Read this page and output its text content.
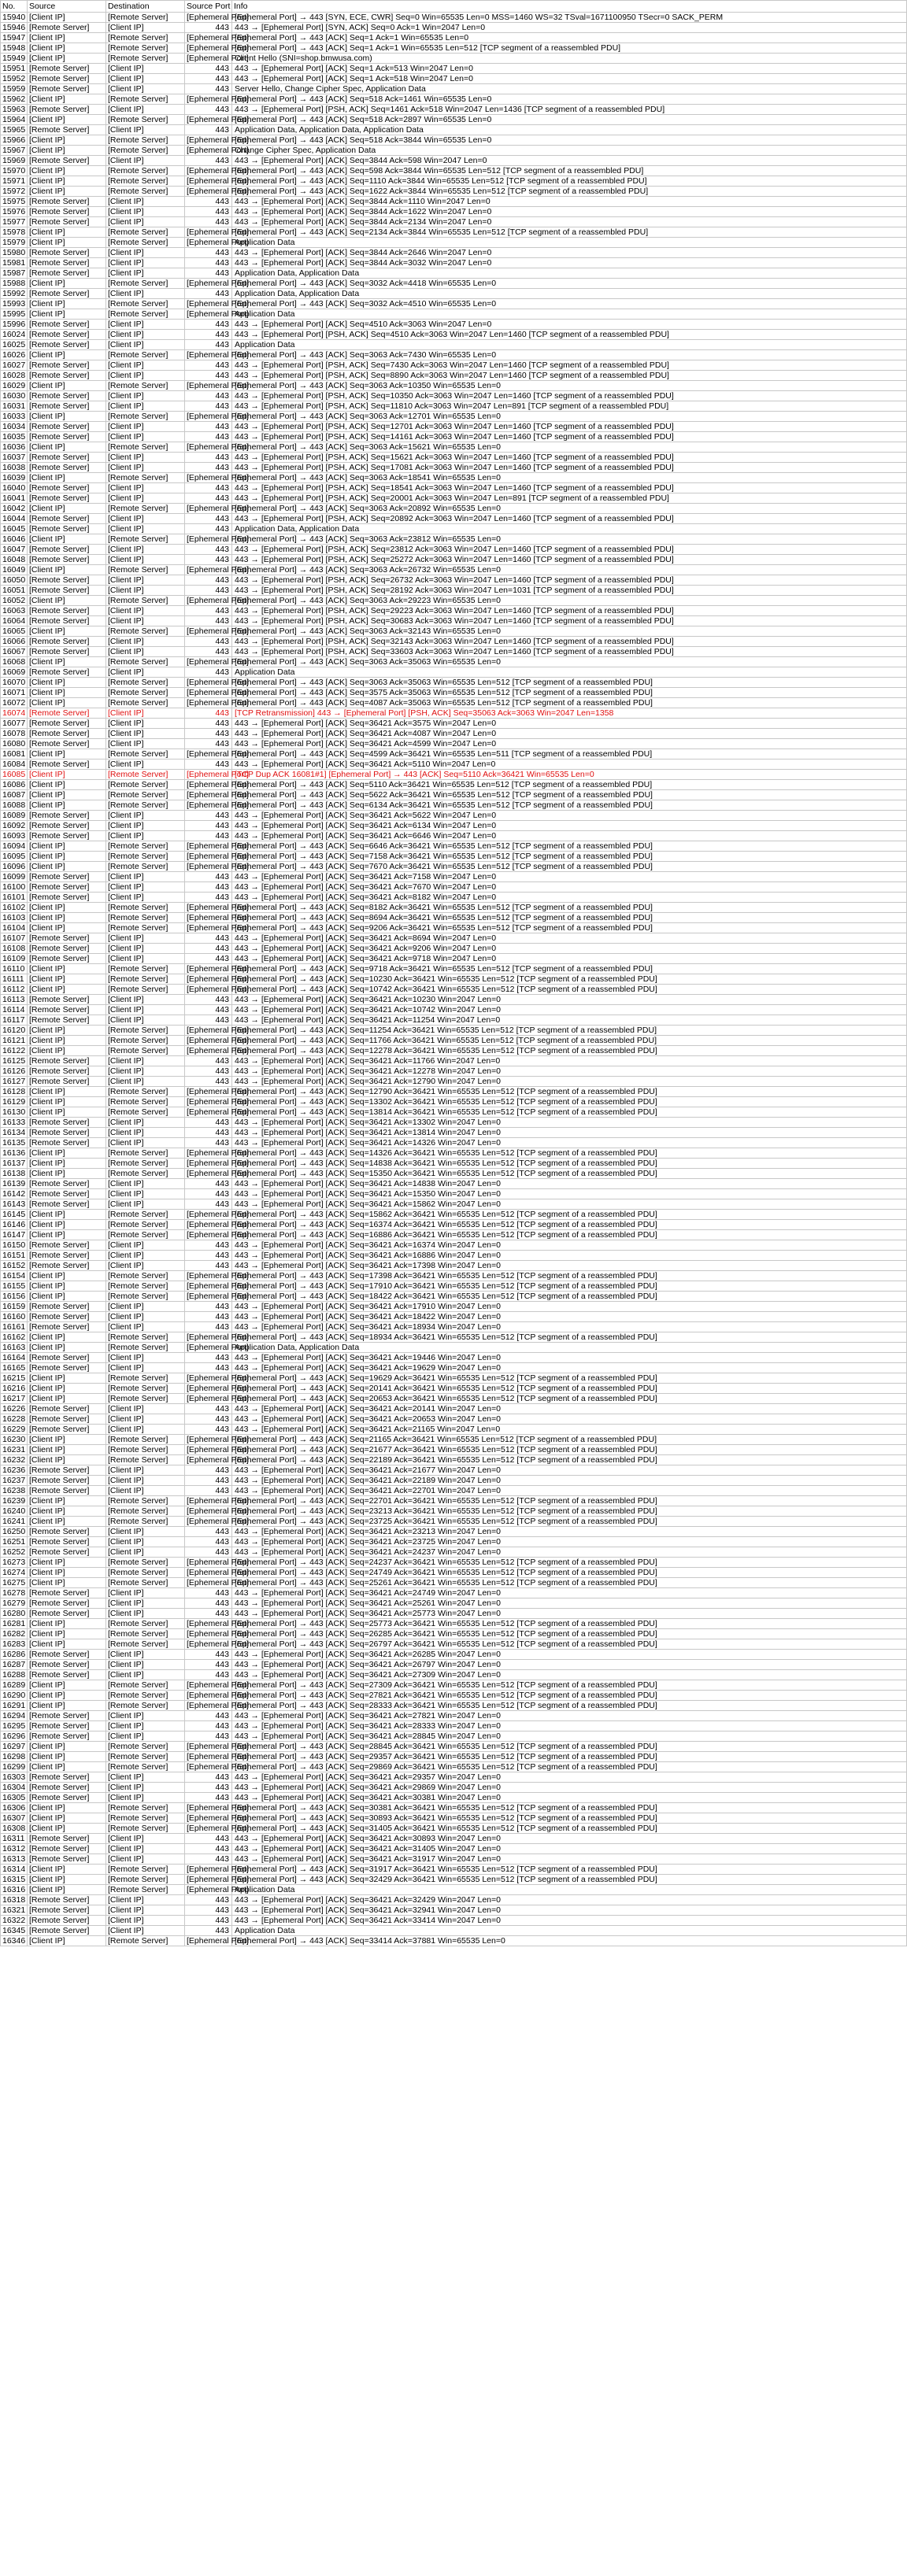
No.	Source	Destination	Source Port	Info
15940	[Client IP]	[Remote Server]	[Ephemeral Port]	[Ephemeral Port] → 443 [SYN, ECE, CWR] Seq=0 Win=65535 Len=0 MSS=1460 WS=32 TSval=1671100950 TSecr=0 SACK_PERM
15946	[Remote Server]	[Client IP]	443	443 → [Ephemeral Port] [SYN, ACK] Seq=0 Ack=1 Win=2047 Len=0
15947	[Client IP]	[Remote Server]	[Ephemeral Port]	[Ephemeral Port] → 443 [ACK] Seq=1 Ack=1 Win=65535 Len=0
15948	[Client IP]	[Remote Server]	[Ephemeral Port]	[Ephemeral Port] → 443 [ACK] Seq=1 Ack=1 Win=65535 Len=512 [TCP segment of a reassembled PDU]
15949	[Client IP]	[Remote Server]	[Ephemeral Port]	Client Hello (SNI=shop.bmwusa.com)
15951	[Remote Server]	[Client IP]	443	443 → [Ephemeral Port] [ACK] Seq=1 Ack=513 Win=2047 Len=0
15952	[Remote Server]	[Client IP]	443	443 → [Ephemeral Port] [ACK] Seq=1 Ack=518 Win=2047 Len=0
15959	[Remote Server]	[Client IP]	443	Server Hello, Change Cipher Spec, Application Data
15962	[Client IP]	[Remote Server]	[Ephemeral Port]	[Ephemeral Port] → 443 [ACK] Seq=518 Ack=1461 Win=65535 Len=0
15963	[Remote Server]	[Client IP]	443	443 → [Ephemeral Port] [PSH, ACK] Seq=1461 Ack=518 Win=2047 Len=1436 [TCP segment of a reassembled PDU]
15964	[Client IP]	[Remote Server]	[Ephemeral Port]	[Ephemeral Port] → 443 [ACK] Seq=518 Ack=2897 Win=65535 Len=0
15965	[Remote Server]	[Client IP]	443	Application Data, Application Data, Application Data
15966	[Client IP]	[Remote Server]	[Ephemeral Port]	[Ephemeral Port] → 443 [ACK] Seq=518 Ack=3844 Win=65535 Len=0
15967	[Client IP]	[Remote Server]	[Ephemeral Port]	Change Cipher Spec, Application Data
15969	[Remote Server]	[Client IP]	443	443 → [Ephemeral Port] [ACK] Seq=3844 Ack=598 Win=2047 Len=0
15970	[Client IP]	[Remote Server]	[Ephemeral Port]	[Ephemeral Port] → 443 [ACK] Seq=598 Ack=3844 Win=65535 Len=512 [TCP segment of a reassembled PDU]
15971	[Client IP]	[Remote Server]	[Ephemeral Port]	[Ephemeral Port] → 443 [ACK] Seq=1110 Ack=3844 Win=65535 Len=512 [TCP segment of a reassembled PDU]
15972	[Client IP]	[Remote Server]	[Ephemeral Port]	[Ephemeral Port] → 443 [ACK] Seq=1622 Ack=3844 Win=65535 Len=512 [TCP segment of a reassembled PDU]
15975	[Remote Server]	[Client IP]	443	443 → [Ephemeral Port] [ACK] Seq=3844 Ack=1110 Win=2047 Len=0
15976	[Remote Server]	[Client IP]	443	443 → [Ephemeral Port] [ACK] Seq=3844 Ack=1622 Win=2047 Len=0
15977	[Remote Server]	[Client IP]	443	443 → [Ephemeral Port] [ACK] Seq=3844 Ack=2134 Win=2047 Len=0
15978	[Client IP]	[Remote Server]	[Ephemeral Port]	[Ephemeral Port] → 443 [ACK] Seq=2134 Ack=3844 Win=65535 Len=512 [TCP segment of a reassembled PDU]
15979	[Client IP]	[Remote Server]	[Ephemeral Port]	Application Data
15980	[Remote Server]	[Client IP]	443	443 → [Ephemeral Port] [ACK] Seq=3844 Ack=2646 Win=2047 Len=0
15981	[Remote Server]	[Client IP]	443	443 → [Ephemeral Port] [ACK] Seq=3844 Ack=3032 Win=2047 Len=0
15987	[Remote Server]	[Client IP]	443	Application Data, Application Data
15988	[Client IP]	[Remote Server]	[Ephemeral Port]	[Ephemeral Port] → 443 [ACK] Seq=3032 Ack=4418 Win=65535 Len=0
15992	[Remote Server]	[Client IP]	443	Application Data, Application Data
15993	[Client IP]	[Remote Server]	[Ephemeral Port]	[Ephemeral Port] → 443 [ACK] Seq=3032 Ack=4510 Win=65535 Len=0
15995	[Client IP]	[Remote Server]	[Ephemeral Port]	Application Data
15996	[Remote Server]	[Client IP]	443	443 → [Ephemeral Port] [ACK] Seq=4510 Ack=3063 Win=2047 Len=0
16024	[Remote Server]	[Client IP]	443	443 → [Ephemeral Port] [PSH, ACK] Seq=4510 Ack=3063 Win=2047 Len=1460 [TCP segment of a reassembled PDU]
16025	[Remote Server]	[Client IP]	443	Application Data
16026	[Client IP]	[Remote Server]	[Ephemeral Port]	[Ephemeral Port] → 443 [ACK] Seq=3063 Ack=7430 Win=65535 Len=0
16027	[Remote Server]	[Client IP]	443	443 → [Ephemeral Port] [PSH, ACK] Seq=7430 Ack=3063 Win=2047 Len=1460 [TCP segment of a reassembled PDU]
16028	[Remote Server]	[Client IP]	443	443 → [Ephemeral Port] [PSH, ACK] Seq=8890 Ack=3063 Win=2047 Len=1460 [TCP segment of a reassembled PDU]
16029	[Client IP]	[Remote Server]	[Ephemeral Port]	[Ephemeral Port] → 443 [ACK] Seq=3063 Ack=10350 Win=65535 Len=0
16030	[Remote Server]	[Client IP]	443	443 → [Ephemeral Port] [PSH, ACK] Seq=10350 Ack=3063 Win=2047 Len=1460 [TCP segment of a reassembled PDU]
16031	[Remote Server]	[Client IP]	443	443 → [Ephemeral Port] [PSH, ACK] Seq=11810 Ack=3063 Win=2047 Len=891 [TCP segment of a reassembled PDU]
16033	[Client IP]	[Remote Server]	[Ephemeral Port]	[Ephemeral Port] → 443 [ACK] Seq=3063 Ack=12701 Win=65535 Len=0
16034	[Remote Server]	[Client IP]	443	443 → [Ephemeral Port] [PSH, ACK] Seq=12701 Ack=3063 Win=2047 Len=1460 [TCP segment of a reassembled PDU]
16035	[Remote Server]	[Client IP]	443	443 → [Ephemeral Port] [PSH, ACK] Seq=14161 Ack=3063 Win=2047 Len=1460 [TCP segment of a reassembled PDU]
16036	[Client IP]	[Remote Server]	[Ephemeral Port]	[Ephemeral Port] → 443 [ACK] Seq=3063 Ack=15621 Win=65535 Len=0
16037	[Remote Server]	[Client IP]	443	443 → [Ephemeral Port] [PSH, ACK] Seq=15621 Ack=3063 Win=2047 Len=1460 [TCP segment of a reassembled PDU]
16038	[Remote Server]	[Client IP]	443	443 → [Ephemeral Port] [PSH, ACK] Seq=17081 Ack=3063 Win=2047 Len=1460 [TCP segment of a reassembled PDU]
16039	[Client IP]	[Remote Server]	[Ephemeral Port]	[Ephemeral Port] → 443 [ACK] Seq=3063 Ack=18541 Win=65535 Len=0
16040	[Remote Server]	[Client IP]	443	443 → [Ephemeral Port] [PSH, ACK] Seq=18541 Ack=3063 Win=2047 Len=1460 [TCP segment of a reassembled PDU]
16041	[Remote Server]	[Client IP]	443	443 → [Ephemeral Port] [PSH, ACK] Seq=20001 Ack=3063 Win=2047 Len=891 [TCP segment of a reassembled PDU]
16042	[Client IP]	[Remote Server]	[Ephemeral Port]	[Ephemeral Port] → 443 [ACK] Seq=3063 Ack=20892 Win=65535 Len=0
16044	[Remote Server]	[Client IP]	443	443 → [Ephemeral Port] [PSH, ACK] Seq=20892 Ack=3063 Win=2047 Len=1460 [TCP segment of a reassembled PDU]
16045	[Remote Server]	[Client IP]	443	Application Data, Application Data
16046	[Client IP]	[Remote Server]	[Ephemeral Port]	[Ephemeral Port] → 443 [ACK] Seq=3063 Ack=23812 Win=65535 Len=0
16047	[Remote Server]	[Client IP]	443	443 → [Ephemeral Port] [PSH, ACK] Seq=23812 Ack=3063 Win=2047 Len=1460 [TCP segment of a reassembled PDU]
16048	[Remote Server]	[Client IP]	443	443 → [Ephemeral Port] [PSH, ACK] Seq=25272 Ack=3063 Win=2047 Len=1460 [TCP segment of a reassembled PDU]
16049	[Client IP]	[Remote Server]	[Ephemeral Port]	[Ephemeral Port] → 443 [ACK] Seq=3063 Ack=26732 Win=65535 Len=0
16050	[Remote Server]	[Client IP]	443	443 → [Ephemeral Port] [PSH, ACK] Seq=26732 Ack=3063 Win=2047 Len=1460 [TCP segment of a reassembled PDU]
16051	[Remote Server]	[Client IP]	443	443 → [Ephemeral Port] [PSH, ACK] Seq=28192 Ack=3063 Win=2047 Len=1031 [TCP segment of a reassembled PDU]
16052	[Client IP]	[Remote Server]	[Ephemeral Port]	[Ephemeral Port] → 443 [ACK] Seq=3063 Ack=29223 Win=65535 Len=0
16063	[Remote Server]	[Client IP]	443	443 → [Ephemeral Port] [PSH, ACK] Seq=29223 Ack=3063 Win=2047 Len=1460 [TCP segment of a reassembled PDU]
16064	[Remote Server]	[Client IP]	443	443 → [Ephemeral Port] [PSH, ACK] Seq=30683 Ack=3063 Win=2047 Len=1460 [TCP segment of a reassembled PDU]
16065	[Client IP]	[Remote Server]	[Ephemeral Port]	[Ephemeral Port] → 443 [ACK] Seq=3063 Ack=32143 Win=65535 Len=0
16066	[Remote Server]	[Client IP]	443	443 → [Ephemeral Port] [PSH, ACK] Seq=32143 Ack=3063 Win=2047 Len=1460 [TCP segment of a reassembled PDU]
16067	[Remote Server]	[Client IP]	443	443 → [Ephemeral Port] [PSH, ACK] Seq=33603 Ack=3063 Win=2047 Len=1460 [TCP segment of a reassembled PDU]
16068	[Client IP]	[Remote Server]	[Ephemeral Port]	[Ephemeral Port] → 443 [ACK] Seq=3063 Ack=35063 Win=65535 Len=0
16069	[Remote Server]	[Client IP]	443	Application Data
16070	[Client IP]	[Remote Server]	[Ephemeral Port]	[Ephemeral Port] → 443 [ACK] Seq=3063 Ack=35063 Win=65535 Len=512 [TCP segment of a reassembled PDU]
16071	[Client IP]	[Remote Server]	[Ephemeral Port]	[Ephemeral Port] → 443 [ACK] Seq=3575 Ack=35063 Win=65535 Len=512 [TCP segment of a reassembled PDU]
16072	[Client IP]	[Remote Server]	[Ephemeral Port]	[Ephemeral Port] → 443 [ACK] Seq=4087 Ack=35063 Win=65535 Len=512 [TCP segment of a reassembled PDU]
16074	[Remote Server]	[Client IP]	443	[TCP Retransmission] 443 → [Ephemeral Port] [PSH, ACK] Seq=35063 Ack=3063 Win=2047 Len=1358
16077	[Remote Server]	[Client IP]	443	443 → [Ephemeral Port] [ACK] Seq=36421 Ack=3575 Win=2047 Len=0
16078	[Remote Server]	[Client IP]	443	443 → [Ephemeral Port] [ACK] Seq=36421 Ack=4087 Win=2047 Len=0
16080	[Remote Server]	[Client IP]	443	443 → [Ephemeral Port] [ACK] Seq=36421 Ack=4599 Win=2047 Len=0
16081	[Client IP]	[Remote Server]	[Ephemeral Port]	[Ephemeral Port] → 443 [ACK] Seq=4599 Ack=36421 Win=65535 Len=511 [TCP segment of a reassembled PDU]
16084	[Remote Server]	[Client IP]	443	443 → [Ephemeral Port] [ACK] Seq=36421 Ack=5110 Win=2047 Len=0
16085	[Client IP]	[Remote Server]	[Ephemeral Port]	[TCP Dup ACK 16081#1] [Ephemeral Port] → 443 [ACK] Seq=5110 Ack=36421 Win=65535 Len=0
16086	[Client IP]	[Remote Server]	[Ephemeral Port]	[Ephemeral Port] → 443 [ACK] Seq=5110 Ack=36421 Win=65535 Len=512 [TCP segment of a reassembled PDU]
16087	[Client IP]	[Remote Server]	[Ephemeral Port]	[Ephemeral Port] → 443 [ACK] Seq=5622 Ack=36421 Win=65535 Len=512 [TCP segment of a reassembled PDU]
16088	[Client IP]	[Remote Server]	[Ephemeral Port]	[Ephemeral Port] → 443 [ACK] Seq=6134 Ack=36421 Win=65535 Len=512 [TCP segment of a reassembled PDU]
16089	[Remote Server]	[Client IP]	443	443 → [Ephemeral Port] [ACK] Seq=36421 Ack=5622 Win=2047 Len=0
16092	[Remote Server]	[Client IP]	443	443 → [Ephemeral Port] [ACK] Seq=36421 Ack=6134 Win=2047 Len=0
16093	[Remote Server]	[Client IP]	443	443 → [Ephemeral Port] [ACK] Seq=36421 Ack=6646 Win=2047 Len=0
16094	[Client IP]	[Remote Server]	[Ephemeral Port]	[Ephemeral Port] → 443 [ACK] Seq=6646 Ack=36421 Win=65535 Len=512 [TCP segment of a reassembled PDU]
16095	[Client IP]	[Remote Server]	[Ephemeral Port]	[Ephemeral Port] → 443 [ACK] Seq=7158 Ack=36421 Win=65535 Len=512 [TCP segment of a reassembled PDU]
16096	[Client IP]	[Remote Server]	[Ephemeral Port]	[Ephemeral Port] → 443 [ACK] Seq=7670 Ack=36421 Win=65535 Len=512 [TCP segment of a reassembled PDU]
16099	[Remote Server]	[Client IP]	443	443 → [Ephemeral Port] [ACK] Seq=36421 Ack=7158 Win=2047 Len=0
16100	[Remote Server]	[Client IP]	443	443 → [Ephemeral Port] [ACK] Seq=36421 Ack=7670 Win=2047 Len=0
16101	[Remote Server]	[Client IP]	443	443 → [Ephemeral Port] [ACK] Seq=36421 Ack=8182 Win=2047 Len=0
16102	[Client IP]	[Remote Server]	[Ephemeral Port]	[Ephemeral Port] → 443 [ACK] Seq=8182 Ack=36421 Win=65535 Len=512 [TCP segment of a reassembled PDU]
16103	[Client IP]	[Remote Server]	[Ephemeral Port]	[Ephemeral Port] → 443 [ACK] Seq=8694 Ack=36421 Win=65535 Len=512 [TCP segment of a reassembled PDU]
16104	[Client IP]	[Remote Server]	[Ephemeral Port]	[Ephemeral Port] → 443 [ACK] Seq=9206 Ack=36421 Win=65535 Len=512 [TCP segment of a reassembled PDU]
16107	[Remote Server]	[Client IP]	443	443 → [Ephemeral Port] [ACK] Seq=36421 Ack=8694 Win=2047 Len=0
16108	[Remote Server]	[Client IP]	443	443 → [Ephemeral Port] [ACK] Seq=36421 Ack=9206 Win=2047 Len=0
16109	[Remote Server]	[Client IP]	443	443 → [Ephemeral Port] [ACK] Seq=36421 Ack=9718 Win=2047 Len=0
16110	[Client IP]	[Remote Server]	[Ephemeral Port]	[Ephemeral Port] → 443 [ACK] Seq=9718 Ack=36421 Win=65535 Len=512 [TCP segment of a reassembled PDU]
16111	[Client IP]	[Remote Server]	[Ephemeral Port]	[Ephemeral Port] → 443 [ACK] Seq=10230 Ack=36421 Win=65535 Len=512 [TCP segment of a reassembled PDU]
16112	[Client IP]	[Remote Server]	[Ephemeral Port]	[Ephemeral Port] → 443 [ACK] Seq=10742 Ack=36421 Win=65535 Len=512 [TCP segment of a reassembled PDU]
16113	[Remote Server]	[Client IP]	443	443 → [Ephemeral Port] [ACK] Seq=36421 Ack=10230 Win=2047 Len=0
16114	[Remote Server]	[Client IP]	443	443 → [Ephemeral Port] [ACK] Seq=36421 Ack=10742 Win=2047 Len=0
16117	[Remote Server]	[Client IP]	443	443 → [Ephemeral Port] [ACK] Seq=36421 Ack=11254 Win=2047 Len=0
16120	[Client IP]	[Remote Server]	[Ephemeral Port]	[Ephemeral Port] → 443 [ACK] Seq=11254 Ack=36421 Win=65535 Len=512 [TCP segment of a reassembled PDU]
16121	[Client IP]	[Remote Server]	[Ephemeral Port]	[Ephemeral Port] → 443 [ACK] Seq=11766 Ack=36421 Win=65535 Len=512 [TCP segment of a reassembled PDU]
16122	[Client IP]	[Remote Server]	[Ephemeral Port]	[Ephemeral Port] → 443 [ACK] Seq=12278 Ack=36421 Win=65535 Len=512 [TCP segment of a reassembled PDU]
16125	[Remote Server]	[Client IP]	443	443 → [Ephemeral Port] [ACK] Seq=36421 Ack=11766 Win=2047 Len=0
16126	[Remote Server]	[Client IP]	443	443 → [Ephemeral Port] [ACK] Seq=36421 Ack=12278 Win=2047 Len=0
16127	[Remote Server]	[Client IP]	443	443 → [Ephemeral Port] [ACK] Seq=36421 Ack=12790 Win=2047 Len=0
16128	[Client IP]	[Remote Server]	[Ephemeral Port]	[Ephemeral Port] → 443 [ACK] Seq=12790 Ack=36421 Win=65535 Len=512 [TCP segment of a reassembled PDU]
16129	[Client IP]	[Remote Server]	[Ephemeral Port]	[Ephemeral Port] → 443 [ACK] Seq=13302 Ack=36421 Win=65535 Len=512 [TCP segment of a reassembled PDU]
16130	[Client IP]	[Remote Server]	[Ephemeral Port]	[Ephemeral Port] → 443 [ACK] Seq=13814 Ack=36421 Win=65535 Len=512 [TCP segment of a reassembled PDU]
16133	[Remote Server]	[Client IP]	443	443 → [Ephemeral Port] [ACK] Seq=36421 Ack=13302 Win=2047 Len=0
16134	[Remote Server]	[Client IP]	443	443 → [Ephemeral Port] [ACK] Seq=36421 Ack=13814 Win=2047 Len=0
16135	[Remote Server]	[Client IP]	443	443 → [Ephemeral Port] [ACK] Seq=36421 Ack=14326 Win=2047 Len=0
16136	[Client IP]	[Remote Server]	[Ephemeral Port]	[Ephemeral Port] → 443 [ACK] Seq=14326 Ack=36421 Win=65535 Len=512 [TCP segment of a reassembled PDU]
16137	[Client IP]	[Remote Server]	[Ephemeral Port]	[Ephemeral Port] → 443 [ACK] Seq=14838 Ack=36421 Win=65535 Len=512 [TCP segment of a reassembled PDU]
16138	[Client IP]	[Remote Server]	[Ephemeral Port]	[Ephemeral Port] → 443 [ACK] Seq=15350 Ack=36421 Win=65535 Len=512 [TCP segment of a reassembled PDU]
16139	[Remote Server]	[Client IP]	443	443 → [Ephemeral Port] [ACK] Seq=36421 Ack=14838 Win=2047 Len=0
16142	[Remote Server]	[Client IP]	443	443 → [Ephemeral Port] [ACK] Seq=36421 Ack=15350 Win=2047 Len=0
16143	[Remote Server]	[Client IP]	443	443 → [Ephemeral Port] [ACK] Seq=36421 Ack=15862 Win=2047 Len=0
16145	[Client IP]	[Remote Server]	[Ephemeral Port]	[Ephemeral Port] → 443 [ACK] Seq=15862 Ack=36421 Win=65535 Len=512 [TCP segment of a reassembled PDU]
16146	[Client IP]	[Remote Server]	[Ephemeral Port]	[Ephemeral Port] → 443 [ACK] Seq=16374 Ack=36421 Win=65535 Len=512 [TCP segment of a reassembled PDU]
16147	[Client IP]	[Remote Server]	[Ephemeral Port]	[Ephemeral Port] → 443 [ACK] Seq=16886 Ack=36421 Win=65535 Len=512 [TCP segment of a reassembled PDU]
16150	[Remote Server]	[Client IP]	443	443 → [Ephemeral Port] [ACK] Seq=36421 Ack=16374 Win=2047 Len=0
16151	[Remote Server]	[Client IP]	443	443 → [Ephemeral Port] [ACK] Seq=36421 Ack=16886 Win=2047 Len=0
16152	[Remote Server]	[Client IP]	443	443 → [Ephemeral Port] [ACK] Seq=36421 Ack=17398 Win=2047 Len=0
16154	[Client IP]	[Remote Server]	[Ephemeral Port]	[Ephemeral Port] → 443 [ACK] Seq=17398 Ack=36421 Win=65535 Len=512 [TCP segment of a reassembled PDU]
16155	[Client IP]	[Remote Server]	[Ephemeral Port]	[Ephemeral Port] → 443 [ACK] Seq=17910 Ack=36421 Win=65535 Len=512 [TCP segment of a reassembled PDU]
16156	[Client IP]	[Remote Server]	[Ephemeral Port]	[Ephemeral Port] → 443 [ACK] Seq=18422 Ack=36421 Win=65535 Len=512 [TCP segment of a reassembled PDU]
16159	[Remote Server]	[Client IP]	443	443 → [Ephemeral Port] [ACK] Seq=36421 Ack=17910 Win=2047 Len=0
16160	[Remote Server]	[Client IP]	443	443 → [Ephemeral Port] [ACK] Seq=36421 Ack=18422 Win=2047 Len=0
16161	[Remote Server]	[Client IP]	443	443 → [Ephemeral Port] [ACK] Seq=36421 Ack=18934 Win=2047 Len=0
16162	[Client IP]	[Remote Server]	[Ephemeral Port]	[Ephemeral Port] → 443 [ACK] Seq=18934 Ack=36421 Win=65535 Len=512 [TCP segment of a reassembled PDU]
16163	[Client IP]	[Remote Server]	[Ephemeral Port]	Application Data, Application Data
16164	[Remote Server]	[Client IP]	443	443 → [Ephemeral Port] [ACK] Seq=36421 Ack=19446 Win=2047 Len=0
16165	[Remote Server]	[Client IP]	443	443 → [Ephemeral Port] [ACK] Seq=36421 Ack=19629 Win=2047 Len=0
16215	[Client IP]	[Remote Server]	[Ephemeral Port]	[Ephemeral Port] → 443 [ACK] Seq=19629 Ack=36421 Win=65535 Len=512 [TCP segment of a reassembled PDU]
16216	[Client IP]	[Remote Server]	[Ephemeral Port]	[Ephemeral Port] → 443 [ACK] Seq=20141 Ack=36421 Win=65535 Len=512 [TCP segment of a reassembled PDU]
16217	[Client IP]	[Remote Server]	[Ephemeral Port]	[Ephemeral Port] → 443 [ACK] Seq=20653 Ack=36421 Win=65535 Len=512 [TCP segment of a reassembled PDU]
16226	[Remote Server]	[Client IP]	443	443 → [Ephemeral Port] [ACK] Seq=36421 Ack=20141 Win=2047 Len=0
16228	[Remote Server]	[Client IP]	443	443 → [Ephemeral Port] [ACK] Seq=36421 Ack=20653 Win=2047 Len=0
16229	[Remote Server]	[Client IP]	443	443 → [Ephemeral Port] [ACK] Seq=36421 Ack=21165 Win=2047 Len=0
16230	[Client IP]	[Remote Server]	[Ephemeral Port]	[Ephemeral Port] → 443 [ACK] Seq=21165 Ack=36421 Win=65535 Len=512 [TCP segment of a reassembled PDU]
16231	[Client IP]	[Remote Server]	[Ephemeral Port]	[Ephemeral Port] → 443 [ACK] Seq=21677 Ack=36421 Win=65535 Len=512 [TCP segment of a reassembled PDU]
16232	[Client IP]	[Remote Server]	[Ephemeral Port]	[Ephemeral Port] → 443 [ACK] Seq=22189 Ack=36421 Win=65535 Len=512 [TCP segment of a reassembled PDU]
16236	[Remote Server]	[Client IP]	443	443 → [Ephemeral Port] [ACK] Seq=36421 Ack=21677 Win=2047 Len=0
16237	[Remote Server]	[Client IP]	443	443 → [Ephemeral Port] [ACK] Seq=36421 Ack=22189 Win=2047 Len=0
16238	[Remote Server]	[Client IP]	443	443 → [Ephemeral Port] [ACK] Seq=36421 Ack=22701 Win=2047 Len=0
16239	[Client IP]	[Remote Server]	[Ephemeral Port]	[Ephemeral Port] → 443 [ACK] Seq=22701 Ack=36421 Win=65535 Len=512 [TCP segment of a reassembled PDU]
16240	[Client IP]	[Remote Server]	[Ephemeral Port]	[Ephemeral Port] → 443 [ACK] Seq=23213 Ack=36421 Win=65535 Len=512 [TCP segment of a reassembled PDU]
16241	[Client IP]	[Remote Server]	[Ephemeral Port]	[Ephemeral Port] → 443 [ACK] Seq=23725 Ack=36421 Win=65535 Len=512 [TCP segment of a reassembled PDU]
16250	[Remote Server]	[Client IP]	443	443 → [Ephemeral Port] [ACK] Seq=36421 Ack=23213 Win=2047 Len=0
16251	[Remote Server]	[Client IP]	443	443 → [Ephemeral Port] [ACK] Seq=36421 Ack=23725 Win=2047 Len=0
16252	[Remote Server]	[Client IP]	443	443 → [Ephemeral Port] [ACK] Seq=36421 Ack=24237 Win=2047 Len=0
16273	[Client IP]	[Remote Server]	[Ephemeral Port]	[Ephemeral Port] → 443 [ACK] Seq=24237 Ack=36421 Win=65535 Len=512 [TCP segment of a reassembled PDU]
16274	[Client IP]	[Remote Server]	[Ephemeral Port]	[Ephemeral Port] → 443 [ACK] Seq=24749 Ack=36421 Win=65535 Len=512 [TCP segment of a reassembled PDU]
16275	[Client IP]	[Remote Server]	[Ephemeral Port]	[Ephemeral Port] → 443 [ACK] Seq=25261 Ack=36421 Win=65535 Len=512 [TCP segment of a reassembled PDU]
16278	[Remote Server]	[Client IP]	443	443 → [Ephemeral Port] [ACK] Seq=36421 Ack=24749 Win=2047 Len=0
16279	[Remote Server]	[Client IP]	443	443 → [Ephemeral Port] [ACK] Seq=36421 Ack=25261 Win=2047 Len=0
16280	[Remote Server]	[Client IP]	443	443 → [Ephemeral Port] [ACK] Seq=36421 Ack=25773 Win=2047 Len=0
16281	[Client IP]	[Remote Server]	[Ephemeral Port]	[Ephemeral Port] → 443 [ACK] Seq=25773 Ack=36421 Win=65535 Len=512 [TCP segment of a reassembled PDU]
16282	[Client IP]	[Remote Server]	[Ephemeral Port]	[Ephemeral Port] → 443 [ACK] Seq=26285 Ack=36421 Win=65535 Len=512 [TCP segment of a reassembled PDU]
16283	[Client IP]	[Remote Server]	[Ephemeral Port]	[Ephemeral Port] → 443 [ACK] Seq=26797 Ack=36421 Win=65535 Len=512 [TCP segment of a reassembled PDU]
16286	[Remote Server]	[Client IP]	443	443 → [Ephemeral Port] [ACK] Seq=36421 Ack=26285 Win=2047 Len=0
16287	[Remote Server]	[Client IP]	443	443 → [Ephemeral Port] [ACK] Seq=36421 Ack=26797 Win=2047 Len=0
16288	[Remote Server]	[Client IP]	443	443 → [Ephemeral Port] [ACK] Seq=36421 Ack=27309 Win=2047 Len=0
16289	[Client IP]	[Remote Server]	[Ephemeral Port]	[Ephemeral Port] → 443 [ACK] Seq=27309 Ack=36421 Win=65535 Len=512 [TCP segment of a reassembled PDU]
16290	[Client IP]	[Remote Server]	[Ephemeral Port]	[Ephemeral Port] → 443 [ACK] Seq=27821 Ack=36421 Win=65535 Len=512 [TCP segment of a reassembled PDU]
16291	[Client IP]	[Remote Server]	[Ephemeral Port]	[Ephemeral Port] → 443 [ACK] Seq=28333 Ack=36421 Win=65535 Len=512 [TCP segment of a reassembled PDU]
16294	[Remote Server]	[Client IP]	443	443 → [Ephemeral Port] [ACK] Seq=36421 Ack=27821 Win=2047 Len=0
16295	[Remote Server]	[Client IP]	443	443 → [Ephemeral Port] [ACK] Seq=36421 Ack=28333 Win=2047 Len=0
16296	[Remote Server]	[Client IP]	443	443 → [Ephemeral Port] [ACK] Seq=36421 Ack=28845 Win=2047 Len=0
16297	[Client IP]	[Remote Server]	[Ephemeral Port]	[Ephemeral Port] → 443 [ACK] Seq=28845 Ack=36421 Win=65535 Len=512 [TCP segment of a reassembled PDU]
16298	[Client IP]	[Remote Server]	[Ephemeral Port]	[Ephemeral Port] → 443 [ACK] Seq=29357 Ack=36421 Win=65535 Len=512 [TCP segment of a reassembled PDU]
16299	[Client IP]	[Remote Server]	[Ephemeral Port]	[Ephemeral Port] → 443 [ACK] Seq=29869 Ack=36421 Win=65535 Len=512 [TCP segment of a reassembled PDU]
16303	[Remote Server]	[Client IP]	443	443 → [Ephemeral Port] [ACK] Seq=36421 Ack=29357 Win=2047 Len=0
16304	[Remote Server]	[Client IP]	443	443 → [Ephemeral Port] [ACK] Seq=36421 Ack=29869 Win=2047 Len=0
16305	[Remote Server]	[Client IP]	443	443 → [Ephemeral Port] [ACK] Seq=36421 Ack=30381 Win=2047 Len=0
16306	[Client IP]	[Remote Server]	[Ephemeral Port]	[Ephemeral Port] → 443 [ACK] Seq=30381 Ack=36421 Win=65535 Len=512 [TCP segment of a reassembled PDU]
16307	[Client IP]	[Remote Server]	[Ephemeral Port]	[Ephemeral Port] → 443 [ACK] Seq=30893 Ack=36421 Win=65535 Len=512 [TCP segment of a reassembled PDU]
16308	[Client IP]	[Remote Server]	[Ephemeral Port]	[Ephemeral Port] → 443 [ACK] Seq=31405 Ack=36421 Win=65535 Len=512 [TCP segment of a reassembled PDU]
16311	[Remote Server]	[Client IP]	443	443 → [Ephemeral Port] [ACK] Seq=36421 Ack=30893 Win=2047 Len=0
16312	[Remote Server]	[Client IP]	443	443 → [Ephemeral Port] [ACK] Seq=36421 Ack=31405 Win=2047 Len=0
16313	[Remote Server]	[Client IP]	443	443 → [Ephemeral Port] [ACK] Seq=36421 Ack=31917 Win=2047 Len=0
16314	[Client IP]	[Remote Server]	[Ephemeral Port]	[Ephemeral Port] → 443 [ACK] Seq=31917 Ack=36421 Win=65535 Len=512 [TCP segment of a reassembled PDU]
16315	[Client IP]	[Remote Server]	[Ephemeral Port]	[Ephemeral Port] → 443 [ACK] Seq=32429 Ack=36421 Win=65535 Len=512 [TCP segment of a reassembled PDU]
16316	[Client IP]	[Remote Server]	[Ephemeral Port]	Application Data
16318	[Remote Server]	[Client IP]	443	443 → [Ephemeral Port] [ACK] Seq=36421 Ack=32429 Win=2047 Len=0
16321	[Remote Server]	[Client IP]	443	443 → [Ephemeral Port] [ACK] Seq=36421 Ack=32941 Win=2047 Len=0
16322	[Remote Server]	[Client IP]	443	443 → [Ephemeral Port] [ACK] Seq=36421 Ack=33414 Win=2047 Len=0
16345	[Remote Server]	[Client IP]	443	Application Data
16346	[Client IP]	[Remote Server]	[Ephemeral Port]	[Ephemeral Port] → 443 [ACK] Seq=33414 Ack=37881 Win=65535 Len=0
